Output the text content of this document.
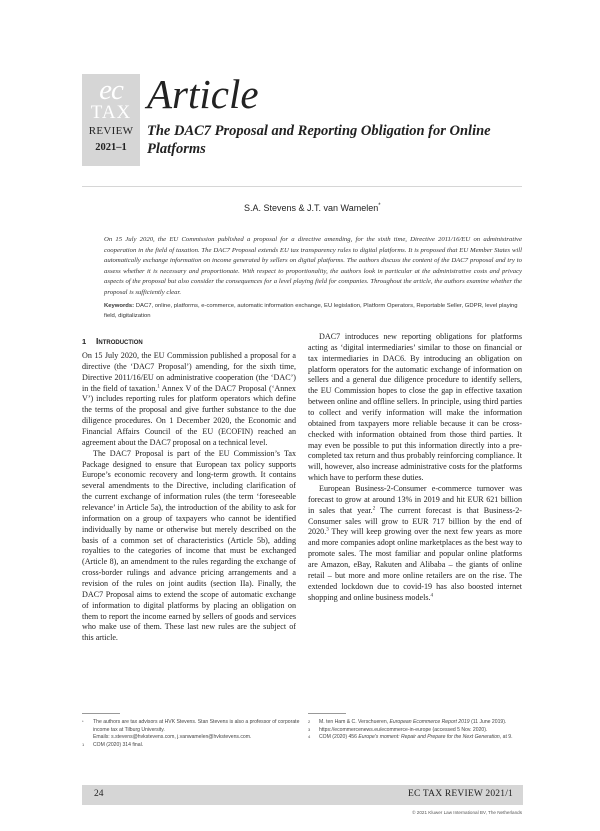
ec
TAX
REVIEW
2021–1
Article
The DAC7 Proposal and Reporting Obligation for Online Platforms
S.A. Stevens & J.T. van Wamelen*

On 15 July 2020, the EU Commission published a proposal for a directive amending, for the sixth time, Directive 2011/16/EU on administrative cooperation in the field of taxation. The DAC7 Proposal extends EU tax transparency rules to digital platforms. It is proposed that EU Member States will automatically exchange information on income generated by sellers on digital platforms. The authors discuss the content of the DAC7 proposal and try to assess whether it is necessary and proportionate. With respect to proportionality, the authors look in particular at the administrative costs and privacy aspects of the proposal but also consider the consequences for a level playing field for companies. Throughout the article, the authors examine whether the proposal is sufficiently clear.

Keywords: DAC7, online, platforms, e-commerce, automatic information exchange, EU legislation, Platform Operators, Reportable Seller, GDPR, level playing field, digitalization

1 Introduction

On 15 July 2020, the EU Commission published a proposal for a directive (the ‘DAC7 Proposal’) amending, for the sixth time, Directive 2011/16/EU on administrative cooperation (the ‘DAC’) in the field of taxation.$^1$ Annex V of the DAC7 Proposal (‘Annex V’) includes reporting rules for platform operators which define the terms of the proposal and give further substance to the due diligence procedures. On 1 December 2020, the Economic and Financial Affairs Council of the EU (ECOFIN) reached an agreement about the DAC7 proposal on a technical level.

The DAC7 Proposal is part of the EU Commission’s Tax Package designed to ensure that European tax policy supports Europe’s economic recovery and long-term growth. It contains several amendments to the Directive, including clarification of the current exchange of information rules (the term ‘foreseeable relevance’ in Article 5a), the introduction of the ability to ask for information on a group of taxpayers who cannot be identified individually by name or otherwise but merely described on the basis of a common set of characteristics (Article 5b), adding royalties to the categories of income that must be exchanged (Article 8), an amendment to the rules regarding the exchange of cross-border rulings and advance pricing arrangements and a revision of the rules on joint audits (section IIa). Finally, the DAC7 Proposal aims to extend the scope of automatic exchange of information to digital platforms by placing an obligation on them to report the income earned by sellers of goods and services who make use of them. These last new rules are the subject of this article.

DAC7 introduces new reporting obligations for platforms acting as ‘digital intermediaries’ similar to those on financial or tax intermediaries in DAC6. By introducing an obligation on platform operators for the automatic exchange of information on sellers and a general due diligence procedure to identify sellers, the EU Commission hopes to close the gap in effective taxation between online and offline sellers. In principle, using third parties to collect and verify information will make the information obtained from taxpayers more reliable because it can be cross-checked with information obtained from those third parties. It may even be possible to put this information directly into a pre-completed tax return and thus probably reinforcing compliance. It will, however, also increase administrative costs for the platforms which have to perform these duties.

European Business-2-Consumer e-commerce turnover was forecast to grow at around 13% in 2019 and hit EUR 621 billion in sales that year.$^2$ The current forecast is that Business-2-Consumer sales will grow to EUR 717 billion by the end of 2020.$^3$ They will keep growing over the next few years as more and more companies adopt online marketplaces as the best way to promote sales. The most familiar and popular online platforms are Amazon, eBay, Rakuten and Alibaba – the giants of online retail – but more and more online retailers are on the rise. The extended lockdown due to covid-19 has also boosted internet shopping and online business models.$^4$

* The authors are tax advisors at HVK Stevens. Stan Stevens is also a professor of corporate income tax at Tilburg University.
Emails: s.stevens@hvkstevens.com, j.vanwamelen@hvkstevens.com.
1 COM (2020) 314 final.
2 M. ten Ham & C. Verschueren, European Ecommerce Report 2019 (11 June 2019).
3 https://ecommercenews.eu/ecommerce-in-europe (accessed 5 Nov. 2020).
4 COM (2020) 456 Europe's moment: Repair and Prepare for the Next Generation, at 9.
24	EC TAX REVIEW 2021/1
© 2021 Kluwer Law International BV, The Netherlands
